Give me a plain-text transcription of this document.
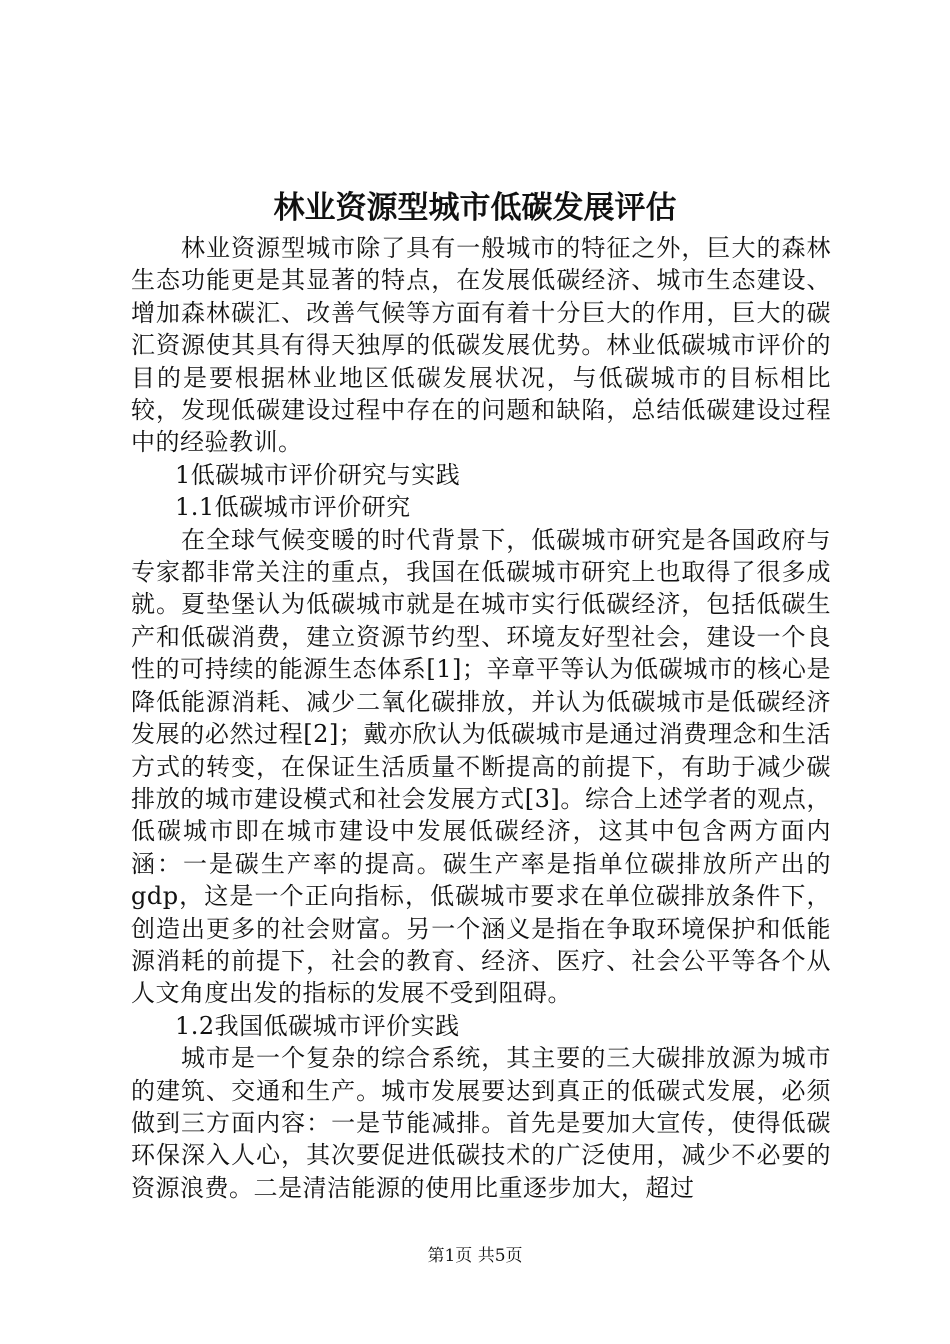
林业资源型城市低碳发展评估

林业资源型城市除了具有一般城市的特征之外，巨大的森林生态功能更是其显著的特点，在发展低碳经济、城市生态建设、增加森林碳汇、改善气候等方面有着十分巨大的作用，巨大的碳汇资源使其具有得天独厚的低碳发展优势。林业低碳城市评价的目的是要根据林业地区低碳发展状况，与低碳城市的目标相比较，发现低碳建设过程中存在的问题和缺陷，总结低碳建设过程中的经验教训。

1低碳城市评价研究与实践

1.1低碳城市评价研究

在全球气候变暖的时代背景下，低碳城市研究是各国政府与专家都非常关注的重点，我国在低碳城市研究上也取得了很多成就。夏垫堡认为低碳城市就是在城市实行低碳经济，包括低碳生产和低碳消费，建立资源节约型、环境友好型社会，建设一个良性的可持续的能源生态体系[1]；辛章平等认为低碳城市的核心是降低能源消耗、减少二氧化碳排放，并认为低碳城市是低碳经济发展的必然过程[2]；戴亦欣认为低碳城市是通过消费理念和生活方式的转变，在保证生活质量不断提高的前提下，有助于减少碳排放的城市建设模式和社会发展方式[3]。综合上述学者的观点，低碳城市即在城市建设中发展低碳经济，这其中包含两方面内涵：一是碳生产率的提高。碳生产率是指单位碳排放所产出的gdp，这是一个正向指标，低碳城市要求在单位碳排放条件下，创造出更多的社会财富。另一个涵义是指在争取环境保护和低能源消耗的前提下，社会的教育、经济、医疗、社会公平等各个从人文角度出发的指标的发展不受到阻碍。

1.2我国低碳城市评价实践

城市是一个复杂的综合系统，其主要的三大碳排放源为城市的建筑、交通和生产。城市发展要达到真正的低碳式发展，必须做到三方面内容：一是节能减排。首先是要加大宣传，使得低碳环保深入人心，其次要促进低碳技术的广泛使用，减少不必要的资源浪费。二是清洁能源的使用比重逐步加大，超过

第1页 共5页
